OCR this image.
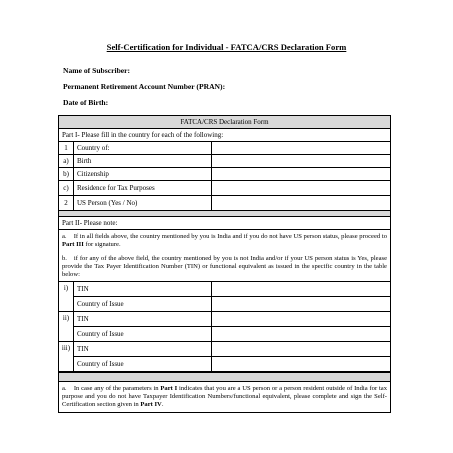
Self-Certification for Individual - FATCA/CRS Declaration Form
Name of Subscriber:
Permanent Retirement Account Number (PRAN):
Date of Birth:
FATCA/CRS Declaration Form
Part I- Please fill in the country for each of the following:
1	Country of:	
a)	Birth	
b)	Citizenship	
c)	Residence for Tax Purposes	
2	US Person (Yes / No)	
Part II- Please note:
a. If in all fields above, the country mentioned by you is India and if you do not have US person status, please proceed to Part III for signature.
b. if for any of the above field, the country mentioned by you is not India and/or if your US person status is Yes, please provide the Tax Payer Identification Number (TIN) or functional equivalent as issued in the specific country in the table below:
i)	TIN	
	Country of Issue	
ii)	TIN	
	Country of Issue	
iii)	TIN	
	Country of Issue	
a. In case any of the parameters in Part I indicates that you are a US person or a person resident outside of India for tax purpose and you do not have Taxpayer Identification Numbers/functional equivalent, please complete and sign the Self-Certification section given in Part IV.
